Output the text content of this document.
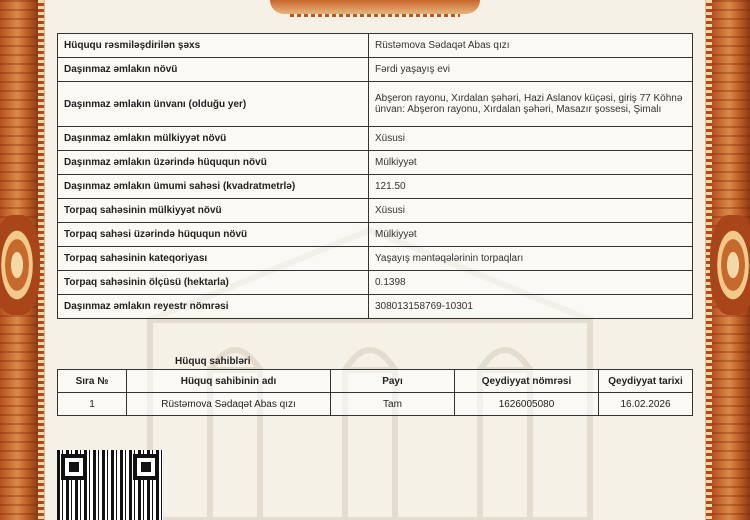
Hüququ rəsmiləşdirilən şəxs	Rüstəmova Sədaqət Abas qızı
Daşınmaz əmlakın növü	Fərdi yaşayış evi
Daşınmaz əmlakın ünvanı (olduğu yer)	Abşeron rayonu, Xırdalan şəhəri, Hazi Aslanov küçəsi, giriş 77 Köhnə ünvan: Abşeron rayonu, Xırdalan şəhəri, Masazır şossesi, Şimalı
Daşınmaz əmlakın mülkiyyət növü	Xüsusi
Daşınmaz əmlakın üzərində hüququn növü	Mülkiyyət
Daşınmaz əmlakın ümumi sahəsi (kvadratmetrlə)	121.50
Torpaq sahəsinin mülkiyyət növü	Xüsusi
Torpaq sahəsi üzərində hüququn növü	Mülkiyyət
Torpaq sahəsinin kateqoriyası	Yaşayış məntəqələrinin torpaqları
Torpaq sahəsinin ölçüsü (hektarla)	0.1398
Daşınmaz əmlakın reyestr nömrəsi	308013158769-10301
Hüquq sahibləri
Sıra №	Hüquq sahibinin adı	Payı	Qeydiyyat nömrəsi	Qeydiyyat tarixi
1	Rüstəmova Sədaqət Abas qızı	Tam	1626005080	16.02.2026
